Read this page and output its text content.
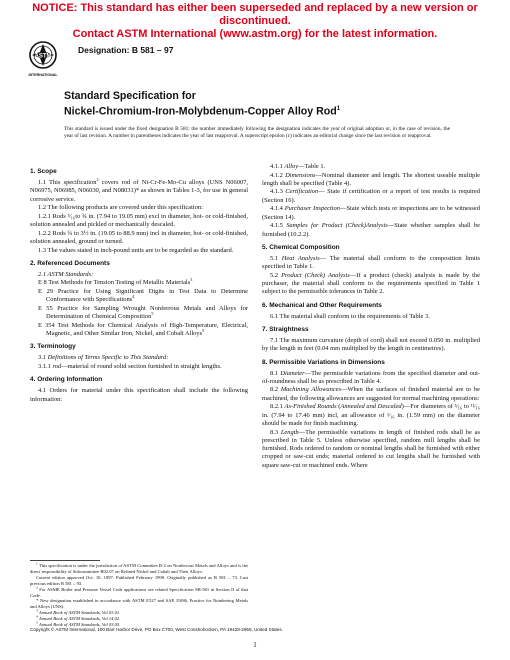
NOTICE: This standard has either been superseded and replaced by a new version or discontinued.
Contact ASTM International (www.astm.org) for the latest information.
ASTM
INTERNATIONAL
Designation: B 581 – 97
Standard Specification for
Nickel-Chromium-Iron-Molybdenum-Copper Alloy Rod$^1$
This standard is issued under the fixed designation B 581; the number immediately following the designation indicates the year of original adoption or, in the case of revision, the year of last revision. A number in parentheses indicates the year of last reapproval. A superscript epsilon (ε) indicates an editorial change since the last revision or reapproval.
1. Scope

1.1 This specification$^2$ covers rod of Ni-Cr-Fe-Mo-Cu alloys (UNS N06007, N06975, N06985, N06030, and N08031)* as shown in Tables 1-3, for use in general corrosive service.

1.2 The following products are covered under this specification:

1.2.1 Rods ⁵⁄₁₆to ¾ in. (7.94 to 19.05 mm) excl in diameter, hot- or cold-finished, solution annealed and pickled or mechanically descaled.

1.2.2 Rods ¾ to 3½ in. (19.05 to 88.9 mm) incl in diameter, hot- or cold-finished, solution annealed, ground or turned.

1.3 The values stated in inch-pound units are to be regarded as the standard.

2. Referenced Documents

2.1 ASTM Standards:

E 8 Test Methods for Tension Testing of Metallic Materials$^3$

E 29 Practice for Using Significant Digits in Test Data to Determine Conformance with Specifications$^4$

E 55 Practice for Sampling Wrought Nonferrous Metals and Alloys for Determination of Chemical Composition$^5$

E 354 Test Methods for Chemical Analysis of High-Temperature, Electrical, Magnetic, and Other Similar Iron, Nickel, and Cobalt Alloys$^5$

3. Terminology

3.1 Definitions of Terms Specific to This Standard:

3.1.1 rod—material of round solid section furnished in straight lengths.

4. Ordering Information

4.1 Orders for material under this specification shall include the following information:

4.1.1 Alloy—Table 1.

4.1.2 Dimensions—Nominal diameter and length. The shortest useable multiple length shall be specified (Table 4).

4.1.3 Certification— State if certification or a report of test results is required (Section 16).

4.1.4 Purchaser Inspection—State which tests or inspections are to be witnessed (Section 14).

4.1.5 Samples for Product (Check)Analysis—State whether samples shall be furnished (10.2.2).

5. Chemical Composition

5.1 Heat Analysis— The material shall conform to the composition limits specified in Table 1.

5.2 Product (Check) Analysis—If a product (check) analysis is made by the purchaser, the material shall conform to the requirements specified in Table 1 subject to the permissible tolerances in Table 2.

6. Mechanical and Other Requirements

6.1 The material shall conform to the requirements of Table 3.

7. Straightness

7.1 The maximum curvature (depth of cord) shall not exceed 0.050 in. multiplied by the length in feet (0.04 mm multiplied by the length in centimetres).

8. Permissible Variations in Dimensions

8.1 Diameter—The permissible variations from the specified diameter and out-of-roundness shall be as prescribed in Table 4.

8.2 Machining Allowances—When the surfaces of finished material are to be machined, the following allowances are suggested for normal machining operations:

8.2.1 As-Finished Rounds (Annealed and Descaled)—For diameters of ⁵⁄₁₆ to ¹¹⁄₁₆ in. (7.94 to 17.46 mm) incl, an allowance of ¹⁄₁₆ in. (1.59 mm) on the diameter should be made for finish machining.

8.3 Length—The permissible variations in length of finished rods shall be as prescribed in Table 5. Unless otherwise specified, random mill lengths shall be furnished. Rods ordered to random or nominal lengths shall be furnished with either cropped or saw-cut ends; material ordered to cut lengths shall be furnished with square saw-cut or machined ends. Where

$^1$ This specification is under the jurisdiction of ASTM Committee B-2 on Nonferrous Metals and Alloys and is the direct responsibility of Subcommittee B02.07 on Refined Nickel and Cobalt and Their Alloys.

Current edition approved Oct. 10, 1997. Published February 1998. Originally published as B 581 – 73. Last previous edition B 581 – 93.

$^2$ For ASME Boiler and Pressure Vessel Code applications see related Specification SB-581 in Section II of that Code.

* New designation established in accordance with ASTM E527 and SAE J1086, Practice for Numbering Metals and Alloys (UNS).

$^3$ Annual Book of ASTM Standards, Vol 03.01.

$^4$ Annual Book of ASTM Standards, Vol 14.02.

$^5$ Annual Book of ASTM Standards, Vol 03.05.

Copyright © ASTM International, 100 Barr Harbor Drive, PO Box C700, West Conshohocken, PA 19428-2959, United States.
1
